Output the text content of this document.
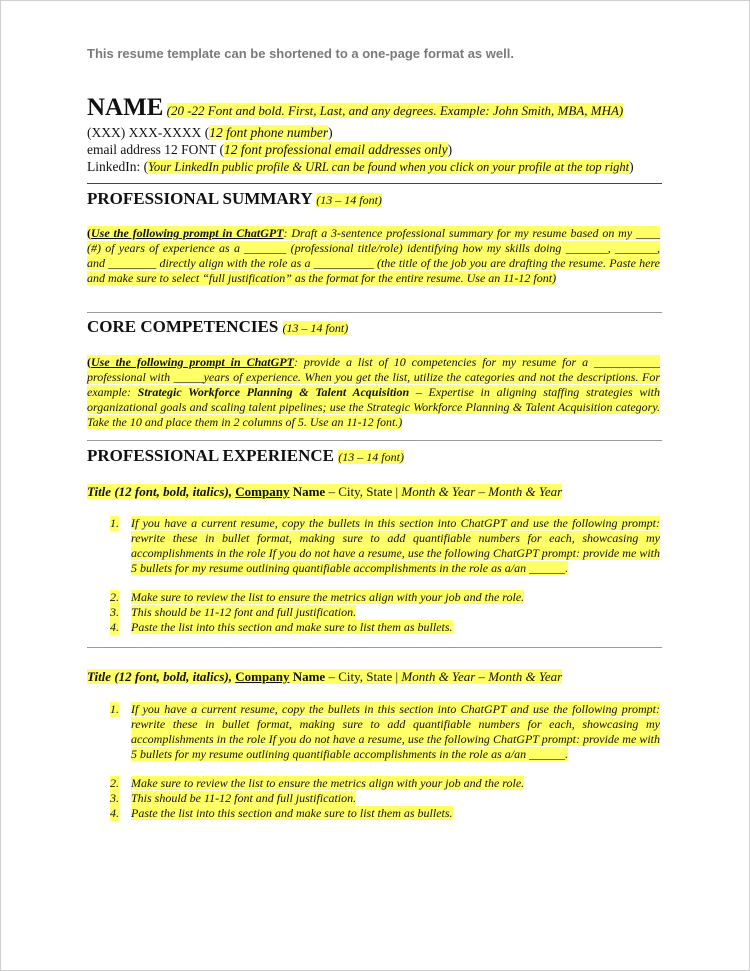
This resume template can be shortened to a one-page format as well.
NAME (20 -22 Font and bold. First, Last, and any degrees. Example: John Smith, MBA, MHA)
(XXX) XXX-XXXX (12 font phone number)
email address 12 FONT (12 font professional email addresses only)
LinkedIn: (Your LinkedIn public profile & URL can be found when you click on your profile at the top right)
PROFESSIONAL SUMMARY (13 – 14 font)
(Use the following prompt in ChatGPT: Draft a 3-sentence professional summary for my resume based on my ____ (#) of years of experience as a _______ (professional title/role) identifying how my skills doing _______, _______, and ________ directly align with the role as a __________ (the title of the job you are drafting the resume. Paste here and make sure to select “full justification” as the format for the entire resume. Use an 11-12 font)
CORE COMPETENCIES (13 – 14 font)
(Use the following prompt in ChatGPT: provide a list of 10 competencies for my resume for a ___________ professional with _____years of experience. When you get the list, utilize the categories and not the descriptions. For example: Strategic Workforce Planning & Talent Acquisition – Expertise in aligning staffing strategies with organizational goals and scaling talent pipelines; use the Strategic Workforce Planning & Talent Acquisition category. Take the 10 and place them in 2 columns of 5. Use an 11-12 font.)
PROFESSIONAL EXPERIENCE (13 – 14 font)
Title (12 font, bold, italics), Company Name – City, State | Month & Year – Month & Year
1. If you have a current resume, copy the bullets in this section into ChatGPT and use the following prompt: rewrite these in bullet format, making sure to add quantifiable numbers for each, showcasing my accomplishments in the role If you do not have a resume, use the following ChatGPT prompt: provide me with 5 bullets for my resume outlining quantifiable accomplishments in the role as a/an ______.
2. Make sure to review the list to ensure the metrics align with your job and the role.
3. This should be 11-12 font and full justification.
4. Paste the list into this section and make sure to list them as bullets.
Title (12 font, bold, italics), Company Name – City, State | Month & Year – Month & Year
1. If you have a current resume, copy the bullets in this section into ChatGPT and use the following prompt: rewrite these in bullet format, making sure to add quantifiable numbers for each, showcasing my accomplishments in the role If you do not have a resume, use the following ChatGPT prompt: provide me with 5 bullets for my resume outlining quantifiable accomplishments in the role as a/an ______.
2. Make sure to review the list to ensure the metrics align with your job and the role.
3. This should be 11-12 font and full justification.
4. Paste the list into this section and make sure to list them as bullets.
